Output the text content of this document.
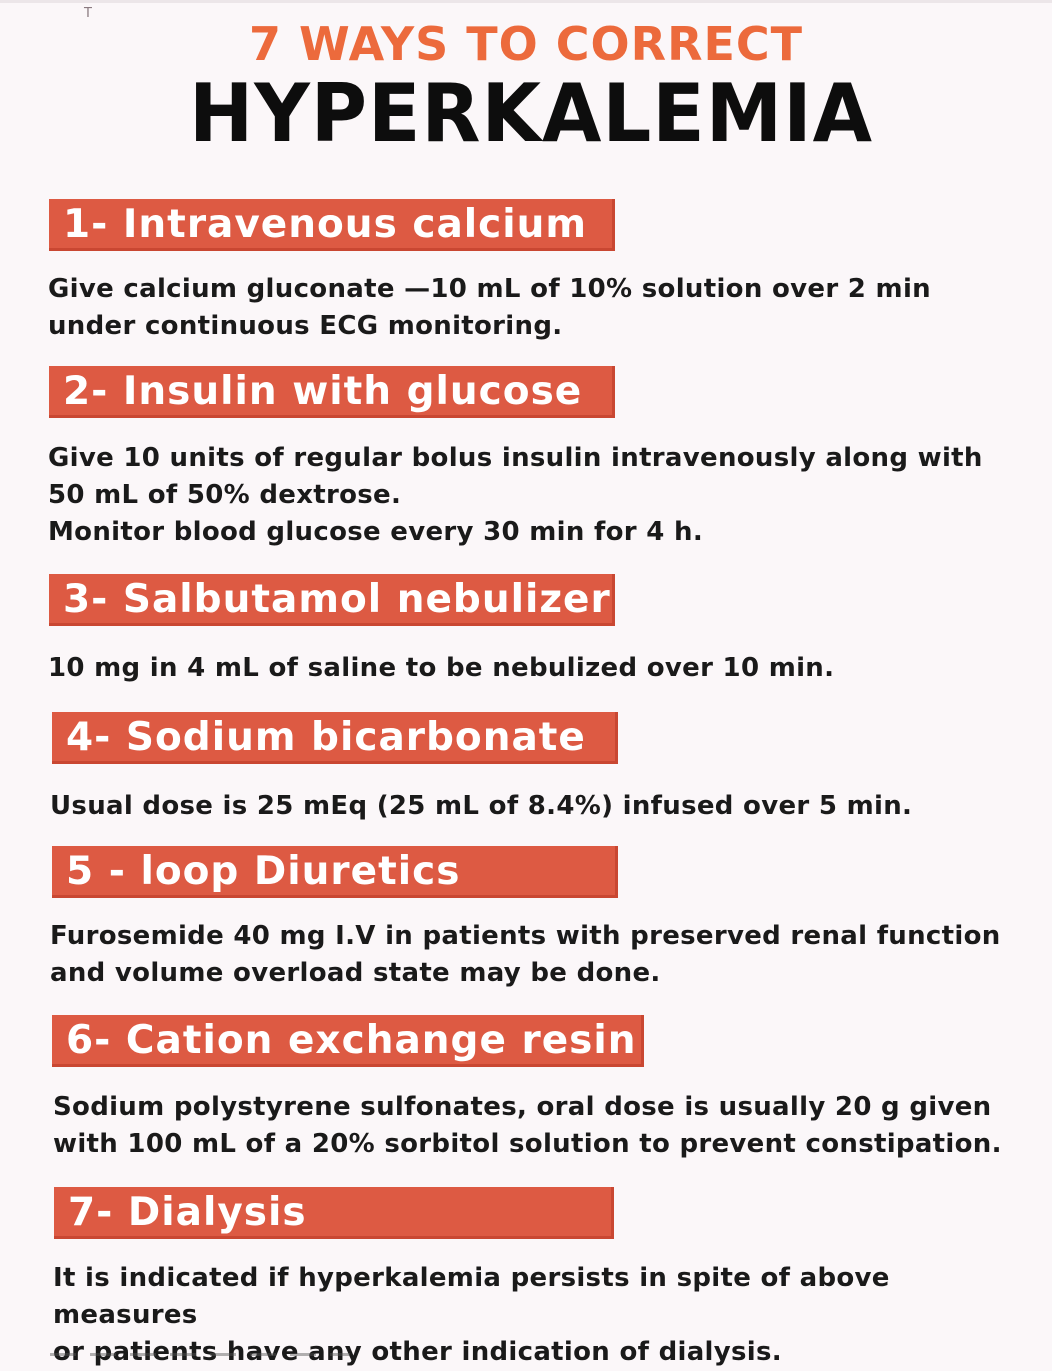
T
7 WAYS TO CORRECT
HYPERKALEMIA
1- Intravenous calcium
Give calcium gluconate —10 mL of 10% solution over 2 min
under continuous ECG monitoring.
2- Insulin with glucose
Give 10 units of regular bolus insulin intravenously along with
50 mL of 50% dextrose.
Monitor blood glucose every 30 min for 4 h.
3- Salbutamol nebulizer
10 mg in 4 mL of saline to be nebulized over 10 min.
4- Sodium bicarbonate
Usual dose is 25 mEq (25 mL of 8.4%) infused over 5 min.
5 - loop Diuretics
Furosemide 40 mg I.V in patients with preserved renal function
and volume overload state may be done.
6- Cation exchange resin
Sodium polystyrene sulfonates, oral dose is usually 20 g given
with 100 mL of a 20% sorbitol solution to prevent constipation.
7- Dialysis
It is indicated if hyperkalemia persists in spite of above measures
or patients have any other indication of dialysis.
